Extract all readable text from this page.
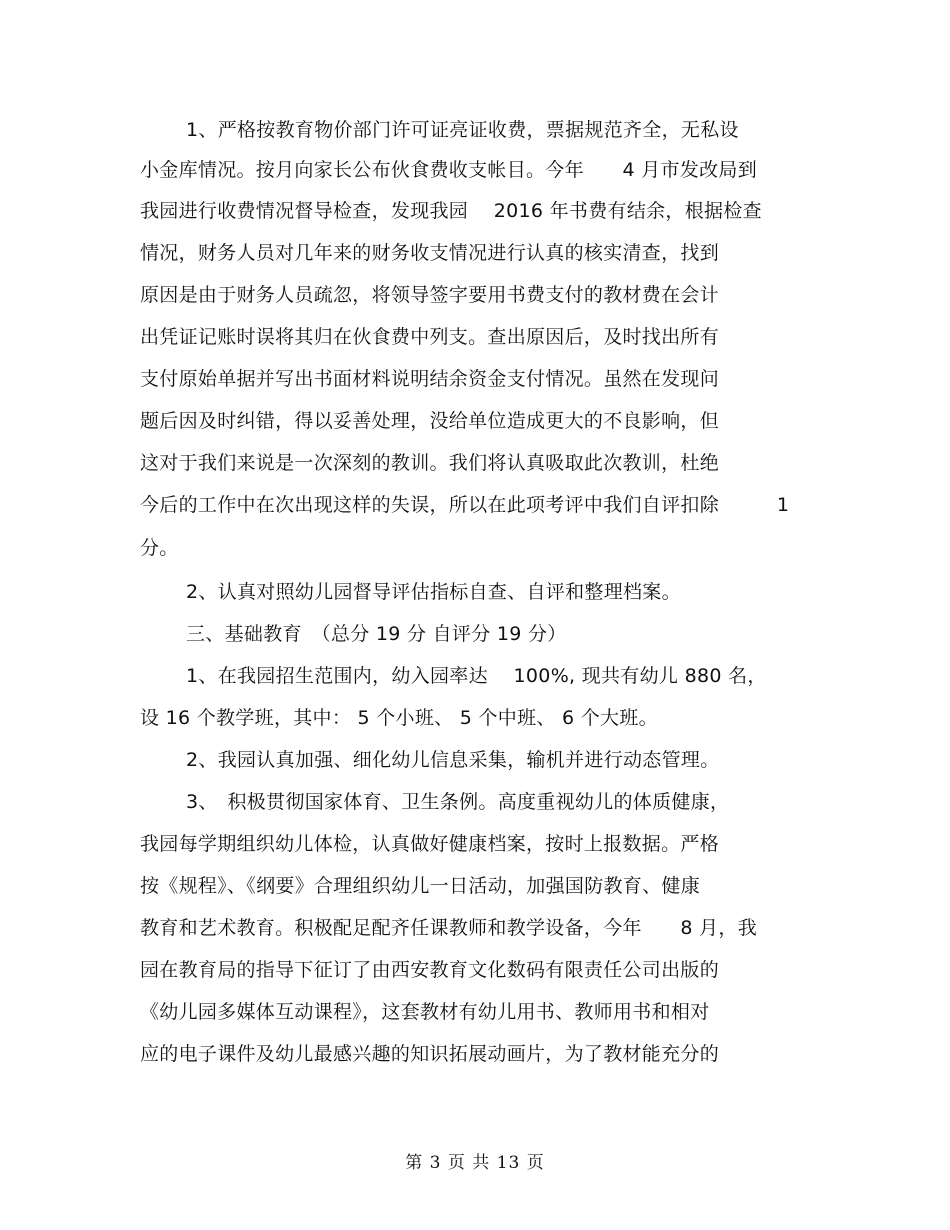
1、严格按教育物价部门许可证亮证收费，票据规范齐全，无私设
小金库情况。按月向家长公布伙食费收支帐目。今年　　4 月市发改局到
我园进行收费情况督导检查，发现我园　 2016 年书费有结余，根据检查
情况，财务人员对几年来的财务收支情况进行认真的核实清查，找到
原因是由于财务人员疏忽，将领导签字要用书费支付的教材费在会计
出凭证记账时误将其归在伙食费中列支。查出原因后，及时找出所有
支付原始单据并写出书面材料说明结余资金支付情况。虽然在发现问
题后因及时纠错，得以妥善处理，没给单位造成更大的不良影响，但
这对于我们来说是一次深刻的教训。我们将认真吸取此次教训，杜绝
今后的工作中在次出现这样的失误，所以在此项考评中我们自评扣除　　　1
分。
2、认真对照幼儿园督导评估指标自查、自评和整理档案。
三、基础教育　（总分 19 分 自评分 19 分）
1、在我园招生范围内，幼入园率达　 100%, 现共有幼儿 880 名，
设 16 个教学班，其中： 5 个小班、 5 个中班、 6 个大班。
2、我园认真加强、细化幼儿信息采集，输机并进行动态管理。
3、　积极贯彻国家体育、卫生条例。高度重视幼儿的体质健康，
我园每学期组织幼儿体检，认真做好健康档案，按时上报数据。严格
按《规程》、《纲要》合理组织幼儿一日活动，加强国防教育、健康
教育和艺术教育。积极配足配齐任课教师和教学设备，今年　　8 月，我
园在教育局的指导下征订了由西安教育文化数码有限责任公司出版的
《幼儿园多媒体互动课程》，这套教材有幼儿用书、教师用书和相对
应的电子课件及幼儿最感兴趣的知识拓展动画片，为了教材能充分的
第 3 页 共 13 页
